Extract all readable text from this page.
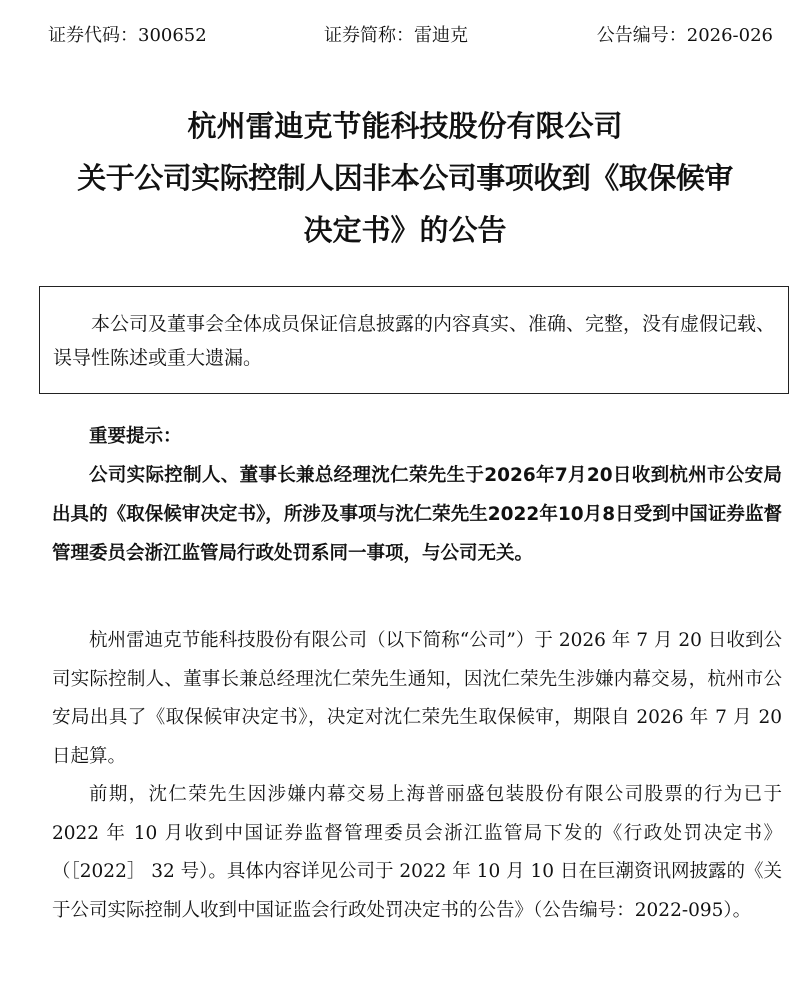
证券代码：300652	证券简称：雷迪克	公告编号：2026-026
杭州雷迪克节能科技股份有限公司
关于公司实际控制人因非本公司事项收到《取保候审
决定书》的公告
本公司及董事会全体成员保证信息披露的内容真实、准确、完整，没有虚假记载、误导性陈述或重大遗漏。
重要提示：
公司实际控制人、董事长兼总经理沈仁荣先生于2026年7月20日收到杭州市公安局出具的《取保候审决定书》，所涉及事项与沈仁荣先生2022年10月8日受到中国证券监督管理委员会浙江监管局行政处罚系同一事项，与公司无关。

杭州雷迪克节能科技股份有限公司（以下简称“公司”）于 2026 年 7 月 20 日收到公司实际控制人、董事长兼总经理沈仁荣先生通知，因沈仁荣先生涉嫌内幕交易，杭州市公安局出具了《取保候审决定书》，决定对沈仁荣先生取保候审，期限自 2026 年 7 月 20 日起算。

前期，沈仁荣先生因涉嫌内幕交易上海普丽盛包装股份有限公司股票的行为已于 2022 年 10 月收到中国证券监督管理委员会浙江监管局下发的《行政处罚决定书》（［2022］ 32 号）。具体内容详见公司于 2022 年 10 月 10 日在巨潮资讯网披露的《关于公司实际控制人收到中国证监会行政处罚决定书的公告》（公告编号：2022-095）。
